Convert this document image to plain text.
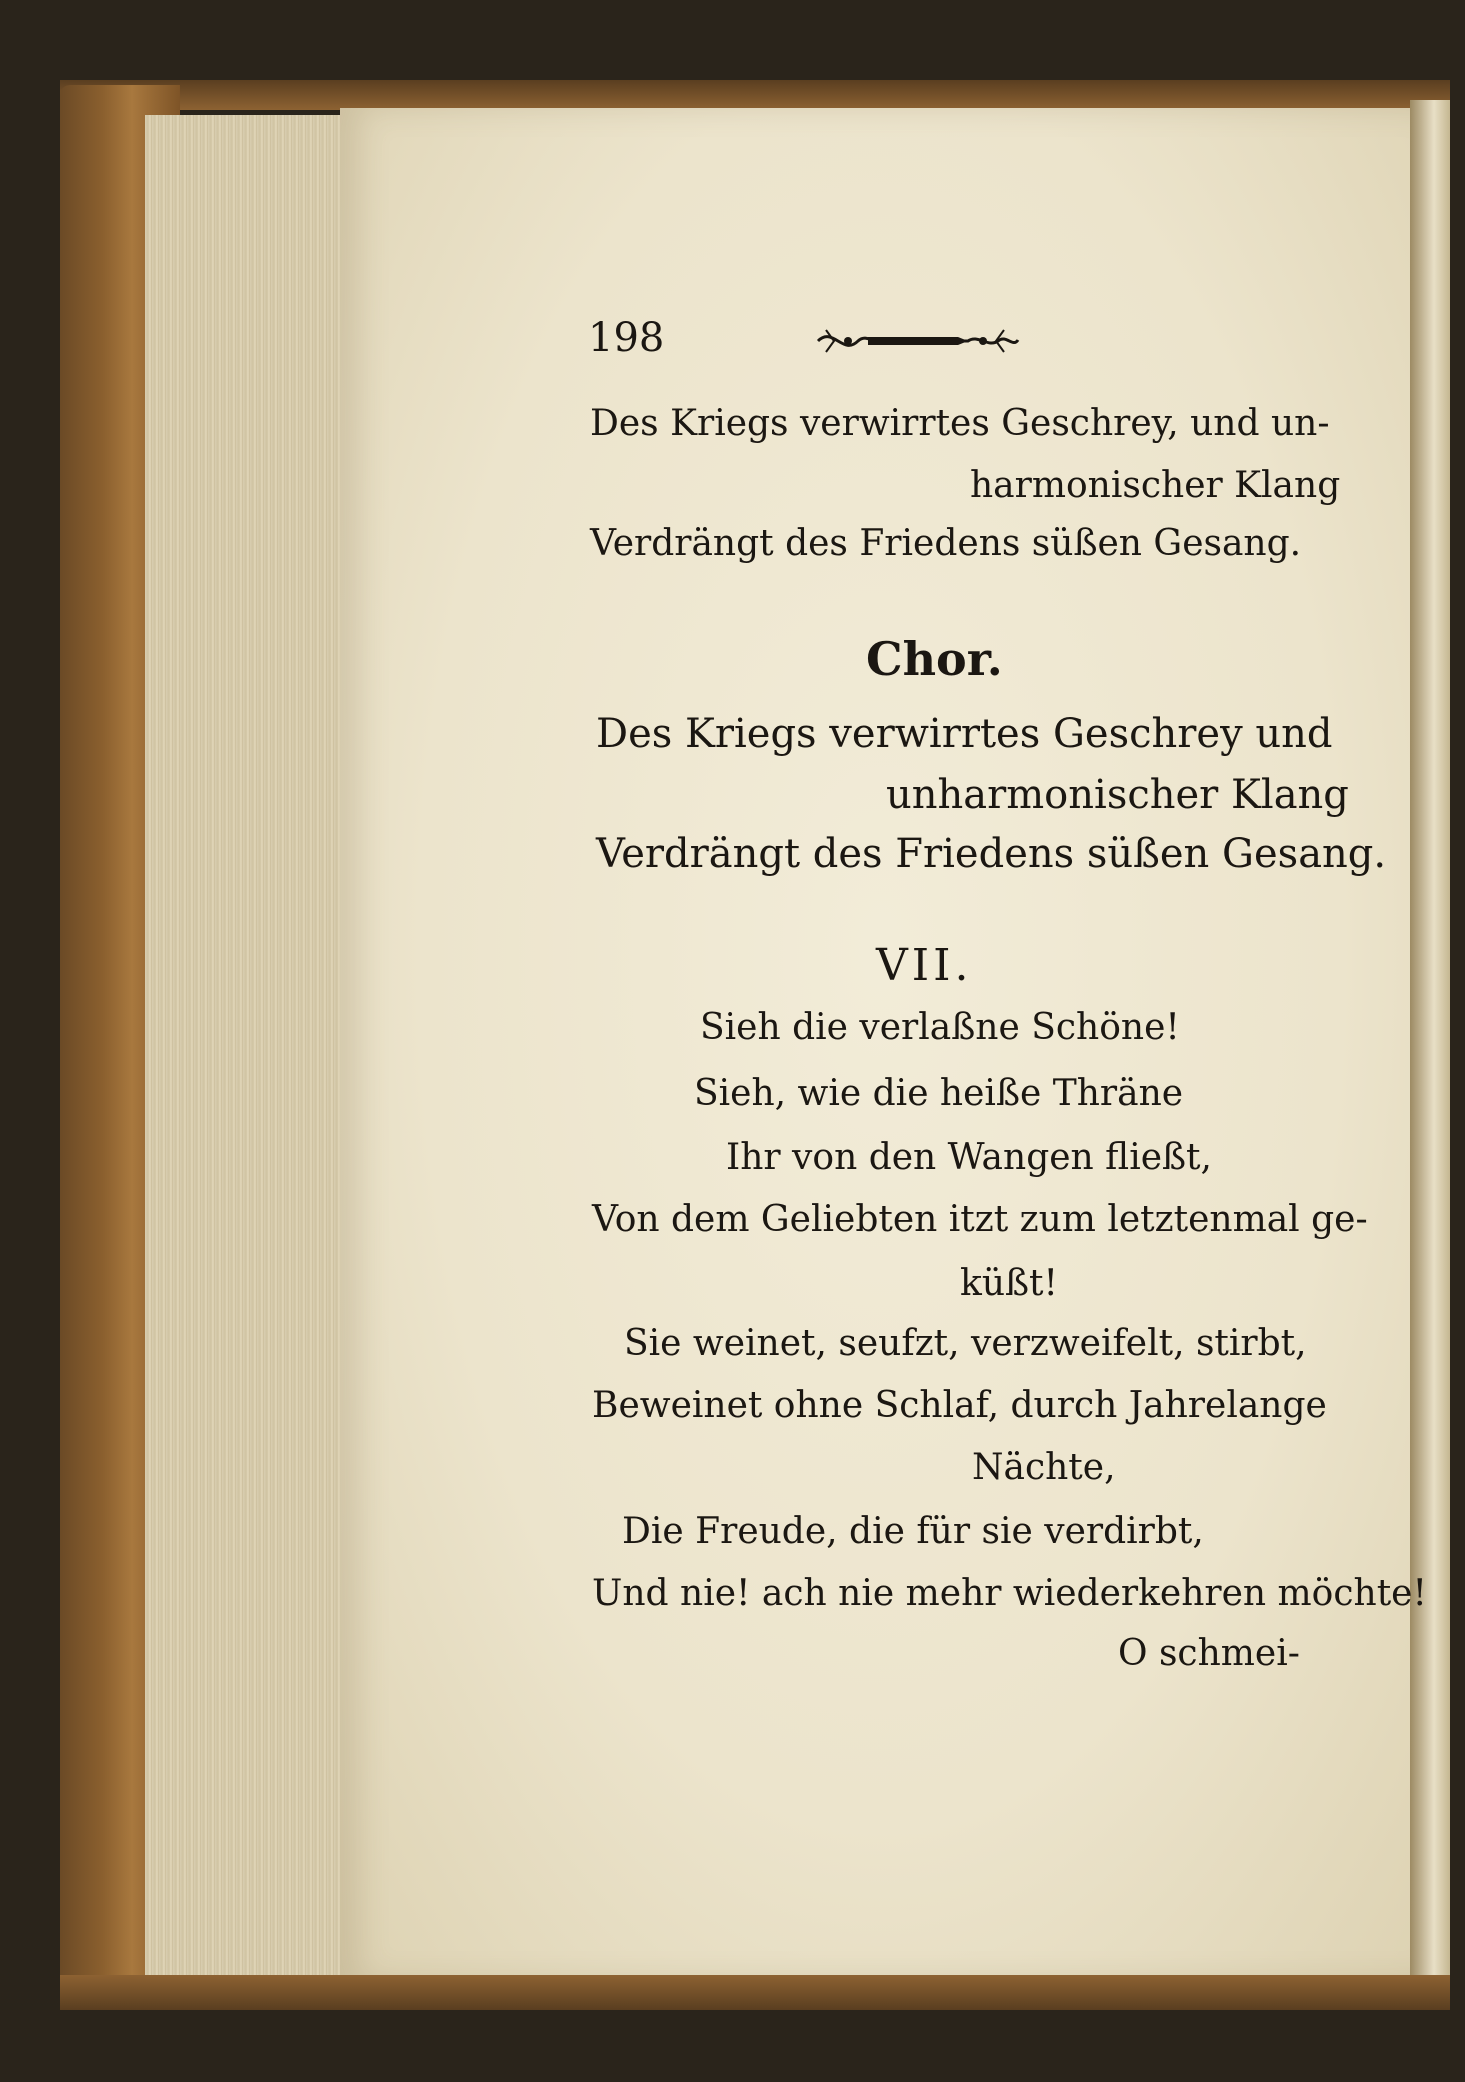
198
Des Kriegs verwirrtes Geschrey, und un-
harmonischer Klang
Verdrängt des Friedens süßen Gesang.
Chor.
Des Kriegs verwirrtes Geschrey und
unharmonischer Klang
Verdrängt des Friedens süßen Gesang.
VII.
Sieh die verlaßne Schöne!
Sieh, wie die heiße Thräne
Ihr von den Wangen fließt,
Von dem Geliebten itzt zum letztenmal ge-
küßt!
Sie weinet, seufzt, verzweifelt, stirbt,
Beweinet ohne Schlaf, durch Jahrelange
Nächte,
Die Freude, die für sie verdirbt,
Und nie! ach nie mehr wiederkehren möchte!
O schmei-
